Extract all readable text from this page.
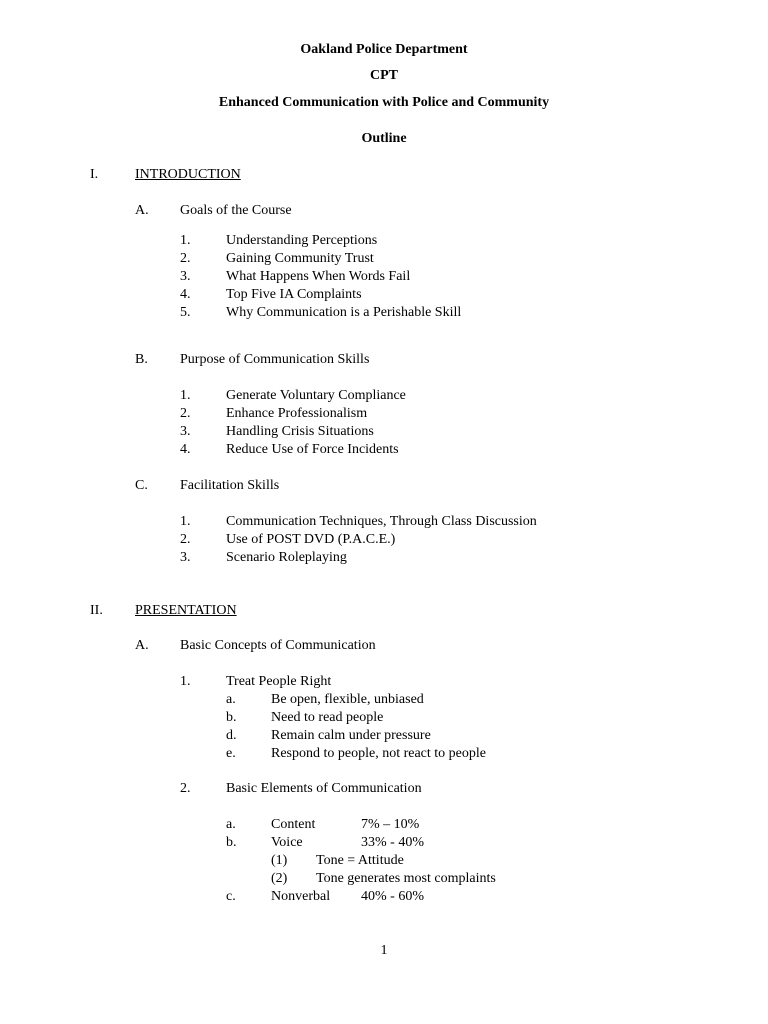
Oakland Police Department
CPT
Enhanced Communication with Police and Community
Outline
I.	INTRODUCTION
A. Goals of the Course
1.	Understanding Perceptions
2.	Gaining Community Trust
3.	What Happens When Words Fail
4.	Top Five IA Complaints
5.	Why Communication is a Perishable Skill
B. Purpose of Communication Skills
1.	Generate Voluntary Compliance
2.	Enhance Professionalism
3.	Handling Crisis Situations
4.	Reduce Use of Force Incidents
C. Facilitation Skills
1.	Communication Techniques, Through Class Discussion
2.	Use of POST DVD (P.A.C.E.)
3.	Scenario Roleplaying
II. PRESENTATION
A. Basic Concepts of Communication
1.	Treat People Right
a.	Be open, flexible, unbiased
b. Need to read people
d. Remain calm under pressure
e.	Respond to people, not react to people
2.	Basic Elements of Communication
a.	Content	7% – 10%
b. Voice	33% - 40%
(1) Tone = Attitude
(2) Tone generates most complaints
c.	Nonverbal 40% - 60%
1
